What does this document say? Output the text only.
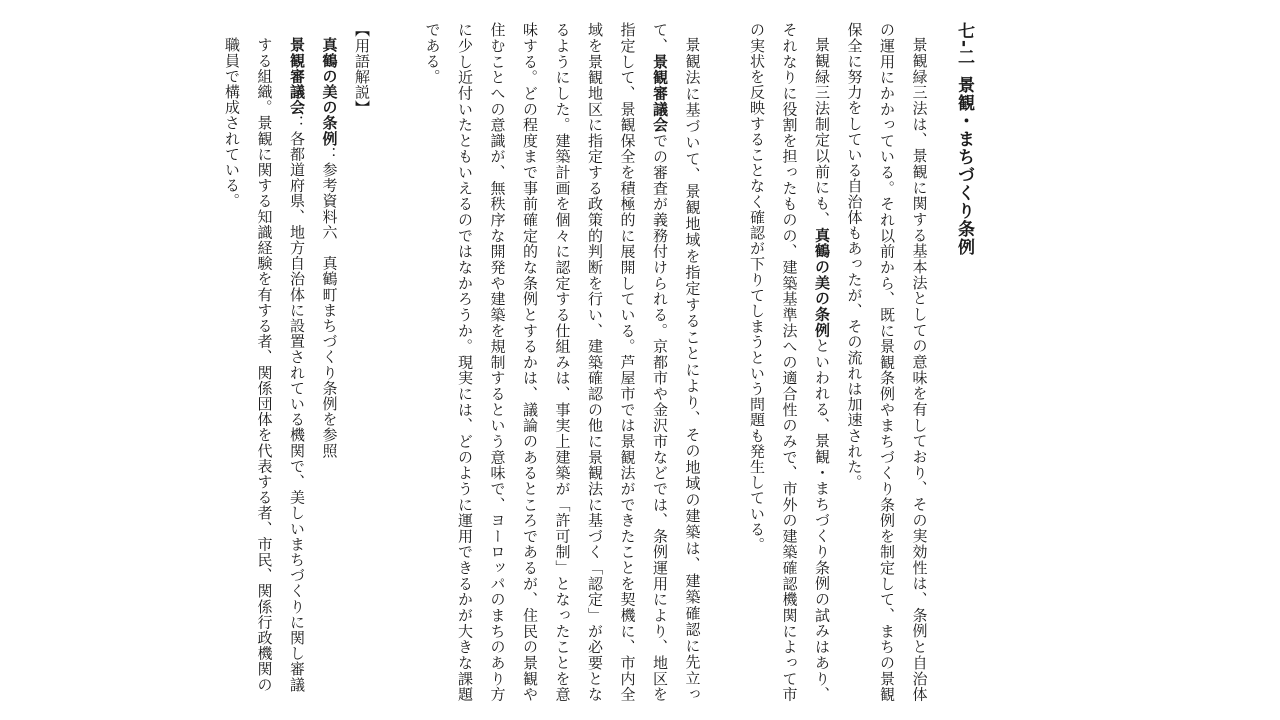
七-二景観・まちづくり条例

景観緑三法は、景観に関する基本法としての意味を有しており、その実効性は、条例と自治体の運用にかかっている。それ以前から、既に景観条例やまちづくり条例を制定して、まちの景観保全に努力をしている自治体もあったが、その流れは加速された。

景観緑三法制定以前にも、真鶴の美の条例といわれる、景観・まちづくり条例の試みはあり、それなりに役割を担ったものの、建築基準法への適合性のみで、市外の建築確認機関によって市の実状を反映することなく確認が下りてしまうという問題も発生している。

景観法に基づいて、景観地域を指定することにより、その地域の建築は、建築確認に先立って、景観審議会での審査が義務付けられる。京都市や金沢市などでは、条例運用により、地区を指定して、景観保全を積極的に展開している。芦屋市では景観法ができたことを契機に、市内全域を景観地区に指定する政策的判断を行い、建築確認の他に景観法に基づく「認定」が必要となるようにした。建築計画を個々に認定する仕組みは、事実上建築が「許可制」となったことを意味する。どの程度まで事前確定的な条例とするかは、議論のあるところであるが、住民の景観や住むことへの意識が、無秩序な開発や建築を規制するという意味で、ヨーロッパのまちのあり方に少し近付いたともいえるのではなかろうか。現実には、どのように運用できるかが大きな課題である。

【用語解説】

真鶴の美の条例：参考資料六　真鶴町まちづくり条例を参照

景観審議会：各都道府県、地方自治体に設置されている機関で、美しいまちづくりに関し審議する組織。景観に関する知識経験を有する者、関係団体を代表する者、市民、関係行政機関の職員で構成されている。
